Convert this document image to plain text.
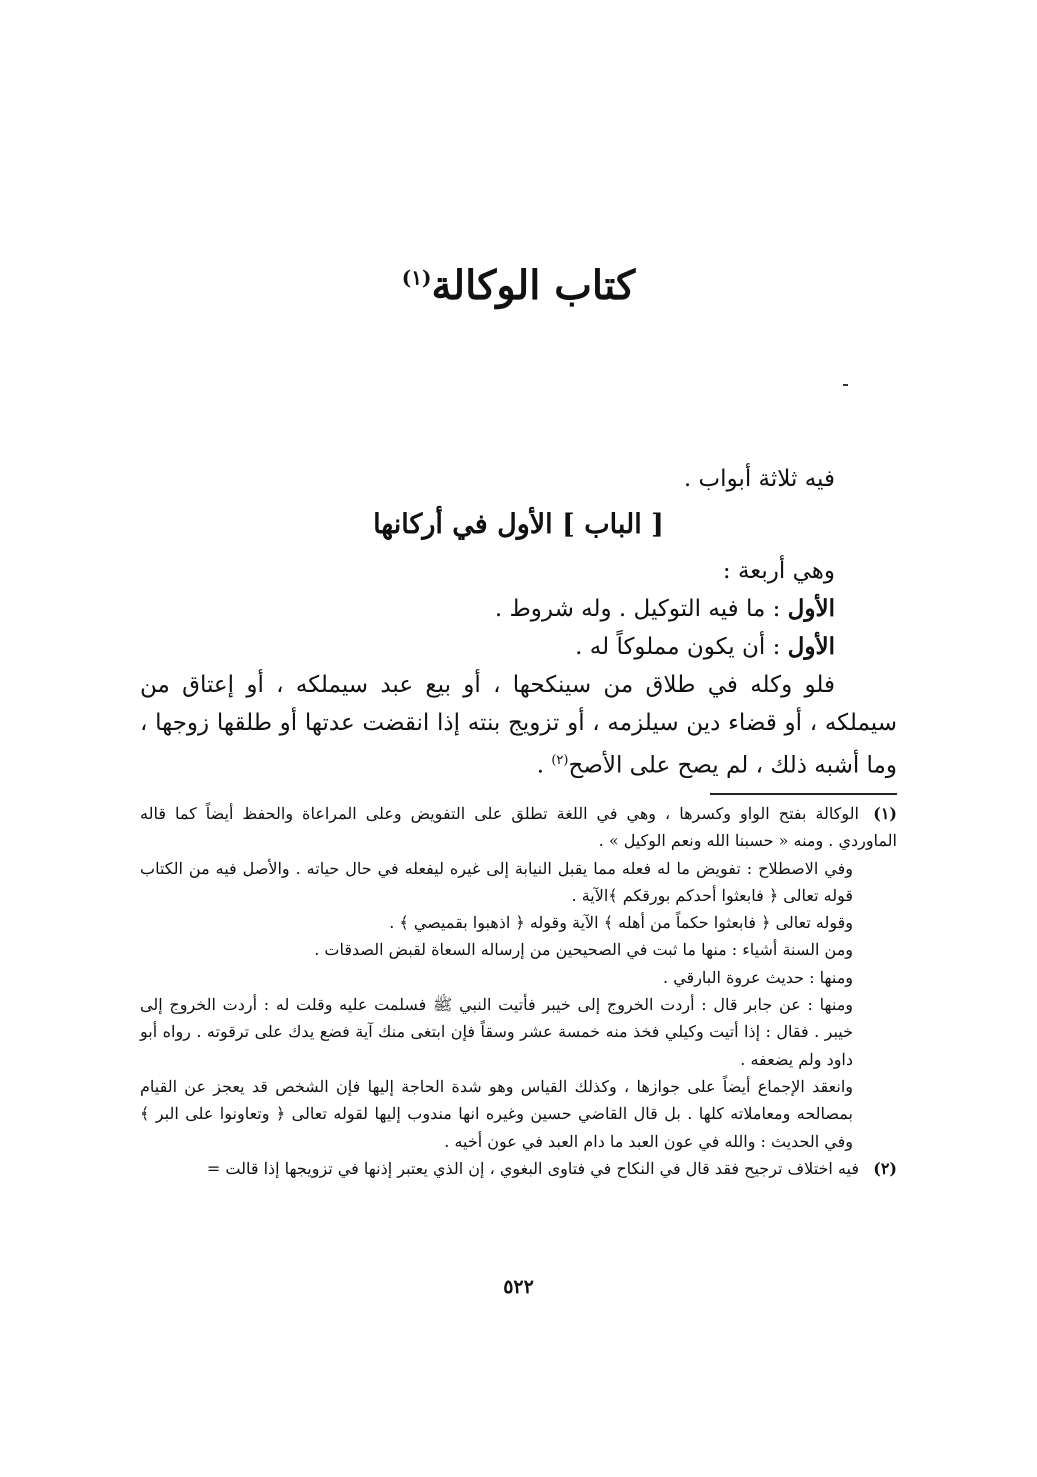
كتاب الوكالة$^{(١)}$

فيه ثلاثة أبواب .

[ الباب ] الأول في أركانها

وهي أربعة :

الأول : ما فيه التوكيل . وله شروط .

الأول : أن يكون مملوكاً له .

فلو وكله في طلاق من سينكحها ، أو بيع عبد سيملكه ، أو إعتاق من سيملكه ، أو قضاء دين سيلزمه ، أو تزويج بنته إذا انقضت عدتها أو طلقها زوجها ، وما أشبه ذلك ، لم يصح على الأصح$^{(٢)}$ .

(١)الوكالة بفتح الواو وكسرها ، وهي في اللغة تطلق على التفويض وعلى المراعاة والحفظ أيضاً كما قاله الماوردي . ومنه « حسبنا الله ونعم الوكيل » .

وفي الاصطلاح : تفويض ما له فعله مما يقبل النيابة إلى غيره ليفعله في حال حياته . والأصل فيه من الكتاب قوله تعالى ﴿ فابعثوا أحدكم بورقكم ﴾الآية .

وقوله تعالى ﴿ فابعثوا حكماً من أهله ﴾ الآية وقوله ﴿ اذهبوا بقميصي ﴾ .

ومن السنة أشياء : منها ما ثبت في الصحيحين من إرساله السعاة لقبض الصدقات .

ومنها : حديث عروة البارقي .

ومنها : عن جابر قال : أردت الخروج إلى خيبر فأتيت النبي ﷺ فسلمت عليه وقلت له : أردت الخروج إلى خيبر . فقال : إذا أتيت وكيلي فخذ منه خمسة عشر وسقاً فإن ابتغى منك آية فضع يدك على ترقوته . رواه أبو داود ولم يضعفه .

وانعقد الإجماع أيضاً على جوازها ، وكذلك القياس وهو شدة الحاجة إليها فإن الشخص قد يعجز عن القيام بمصالحه ومعاملاته كلها . بل قال القاضي حسين وغيره انها مندوب إليها لقوله تعالى ﴿ وتعاونوا على البر ﴾ وفي الحديث : والله في عون العبد ما دام العبد في عون أخيه .

(٢)فيه اختلاف ترجيح فقد قال في النكاح في فتاوى البغوي ، إن الذي يعتبر إذنها في تزويجها إذا قالت =

٥٢٢
